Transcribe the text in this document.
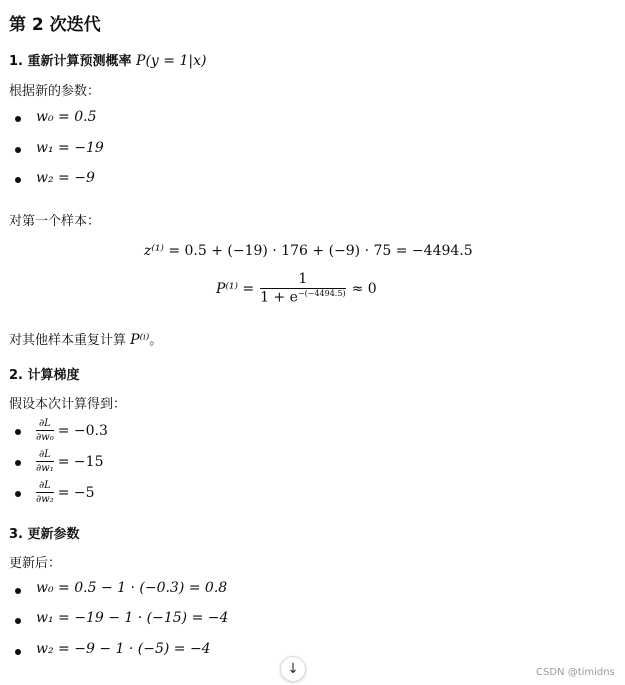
第 2 次迭代
1. 重新计算预测概率 P(y = 1|x)
根据新的参数：
w₀ = 0.5
w₁ = −19
w₂ = −9
对第一个样本：
z⁽¹⁾ = 0.5 + (−19) · 176 + (−9) · 75 = −4494.5
$P^{(1)} = \frac{1}{1 + e^{-(-4494.5)}} \approx 0$
对其他样本重复计算 P⁽ⁱ⁾。
2. 计算梯度
假设本次计算得到：
$\frac{\partial L}{\text{∂w₀}} = -0.3$
$\frac{\partial L}{\text{∂w₁}} = -15$
$\frac{\partial L}{\text{∂w₂}} = -5$
3. 更新参数
更新后：
w₀ = 0.5 − 1 · (−0.3) = 0.8
w₁ = −19 − 1 · (−15) = −4
w₂ = −9 − 1 · (−5) = −4
↓	CSDN @timidns
